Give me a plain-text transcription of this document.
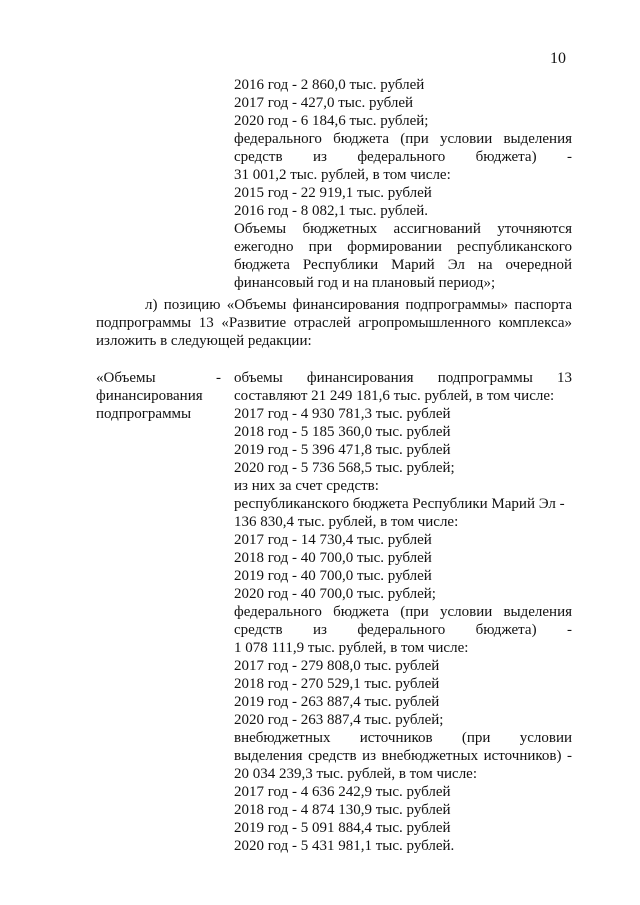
10
2016 год - 2 860,0 тыс. рублей
2017 год - 427,0 тыс. рублей
2020 год - 6 184,6 тыс. рублей;
федерального бюджета (при условии выделения
средств из федерального бюджета) -
31 001,2 тыс. рублей, в том числе:
2015 год - 22 919,1 тыс. рублей
2016 год - 8 082,1 тыс. рублей.
Объемы бюджетных ассигнований уточняются
ежегодно при формировании республиканского
бюджета Республики Марий Эл на очередной
финансовый год и на плановый период»;
л) позицию «Объемы финансирования подпрограммы» паспорта
подпрограммы 13 «Развитие отраслей агропромышленного комплекса»
изложить в следующей редакции:
«Объемы	-
финансирования
подпрограммы
объемы финансирования подпрограммы 13
составляют 21 249 181,6 тыс. рублей, в том числе:
2017 год - 4 930 781,3 тыс. рублей
2018 год - 5 185 360,0 тыс. рублей
2019 год - 5 396 471,8 тыс. рублей
2020 год - 5 736 568,5 тыс. рублей;
из них за счет средств:
республиканского бюджета Республики Марий Эл -
136 830,4 тыс. рублей, в том числе:
2017 год - 14 730,4 тыс. рублей
2018 год - 40 700,0 тыс. рублей
2019 год - 40 700,0 тыс. рублей
2020 год - 40 700,0 тыс. рублей;
федерального бюджета (при условии выделения
средств из федерального бюджета) -
1 078 111,9 тыс. рублей, в том числе:
2017 год - 279 808,0 тыс. рублей
2018 год - 270 529,1 тыс. рублей
2019 год - 263 887,4 тыс. рублей
2020 год - 263 887,4 тыс. рублей;
внебюджетных источников (при условии
выделения средств из внебюджетных источников) -
20 034 239,3 тыс. рублей, в том числе:
2017 год - 4 636 242,9 тыс. рублей
2018 год - 4 874 130,9 тыс. рублей
2019 год - 5 091 884,4 тыс. рублей
2020 год - 5 431 981,1 тыс. рублей.
